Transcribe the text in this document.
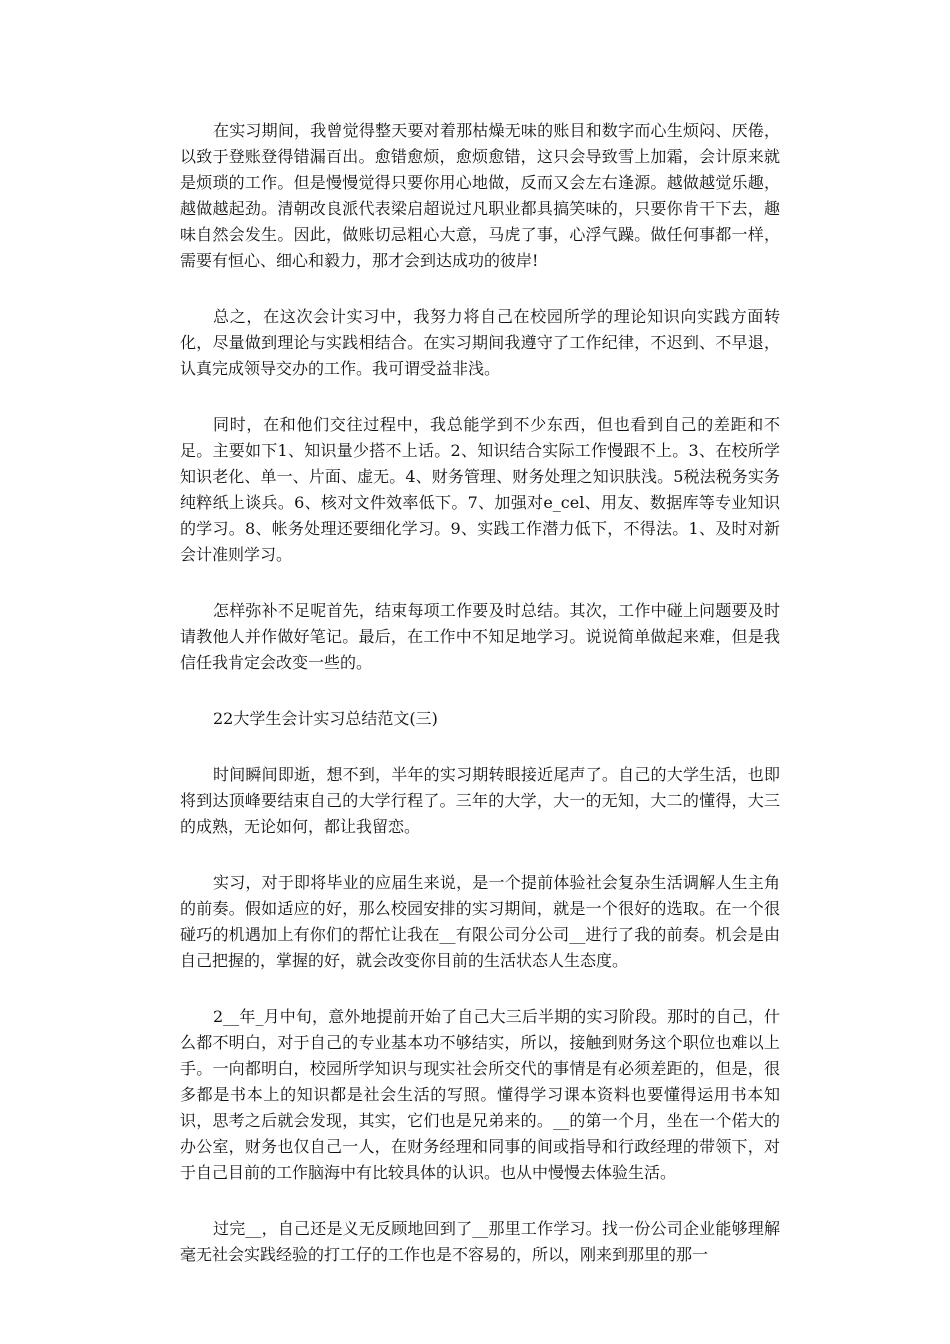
在实习期间，我曾觉得整天要对着那枯燥无味的账目和数字而心生烦闷、厌倦，以致于登账登得错漏百出。愈错愈烦，愈烦愈错，这只会导致雪上加霜，会计原来就是烦琐的工作。但是慢慢觉得只要你用心地做，反而又会左右逢源。越做越觉乐趣，越做越起劲。清朝改良派代表梁启超说过凡职业都具搞笑味的，只要你肯干下去，趣味自然会发生。因此，做账切忌粗心大意，马虎了事，心浮气躁。做任何事都一样，需要有恒心、细心和毅力，那才会到达成功的彼岸!

总之，在这次会计实习中，我努力将自己在校园所学的理论知识向实践方面转化，尽量做到理论与实践相结合。在实习期间我遵守了工作纪律，不迟到、不早退，认真完成领导交办的工作。我可谓受益非浅。

同时，在和他们交往过程中，我总能学到不少东西，但也看到自己的差距和不足。主要如下1、知识量少搭不上话。2、知识结合实际工作慢跟不上。3、在校所学知识老化、单一、片面、虚无。4、财务管理、财务处理之知识肤浅。5税法税务实务纯粹纸上谈兵。6、核对文件效率低下。7、加强对e_cel、用友、数据库等专业知识的学习。8、帐务处理还要细化学习。9、实践工作潜力低下，不得法。1、及时对新会计准则学习。

怎样弥补不足呢首先，结束每项工作要及时总结。其次，工作中碰上问题要及时请教他人并作做好笔记。最后，在工作中不知足地学习。说说简单做起来难，但是我信任我肯定会改变一些的。

22大学生会计实习总结范文(三)

时间瞬间即逝，想不到，半年的实习期转眼接近尾声了。自己的大学生活，也即将到达顶峰要结束自己的大学行程了。三年的大学，大一的无知，大二的懂得，大三的成熟，无论如何，都让我留恋。

实习，对于即将毕业的应届生来说，是一个提前体验社会复杂生活调解人生主角的前奏。假如适应的好，那么校园安排的实习期间，就是一个很好的选取。在一个很碰巧的机遇加上有你们的帮忙让我在__有限公司分公司__进行了我的前奏。机会是由自己把握的，掌握的好，就会改变你目前的生活状态人生态度。

2__年_月中旬，意外地提前开始了自己大三后半期的实习阶段。那时的自己，什么都不明白，对于自己的专业基本功不够结实，所以，接触到财务这个职位也难以上手。一向都明白，校园所学知识与现实社会所交代的事情是有必须差距的，但是，很多都是书本上的知识都是社会生活的写照。懂得学习课本资料也要懂得运用书本知识，思考之后就会发现，其实，它们也是兄弟来的。__的第一个月，坐在一个偌大的办公室，财务也仅自己一人，在财务经理和同事的间或指导和行政经理的带领下，对于自己目前的工作脑海中有比较具体的认识。也从中慢慢去体验生活。

过完__，自己还是义无反顾地回到了__那里工作学习。找一份公司企业能够理解毫无社会实践经验的打工仔的工作也是不容易的，所以，刚来到那里的那一
